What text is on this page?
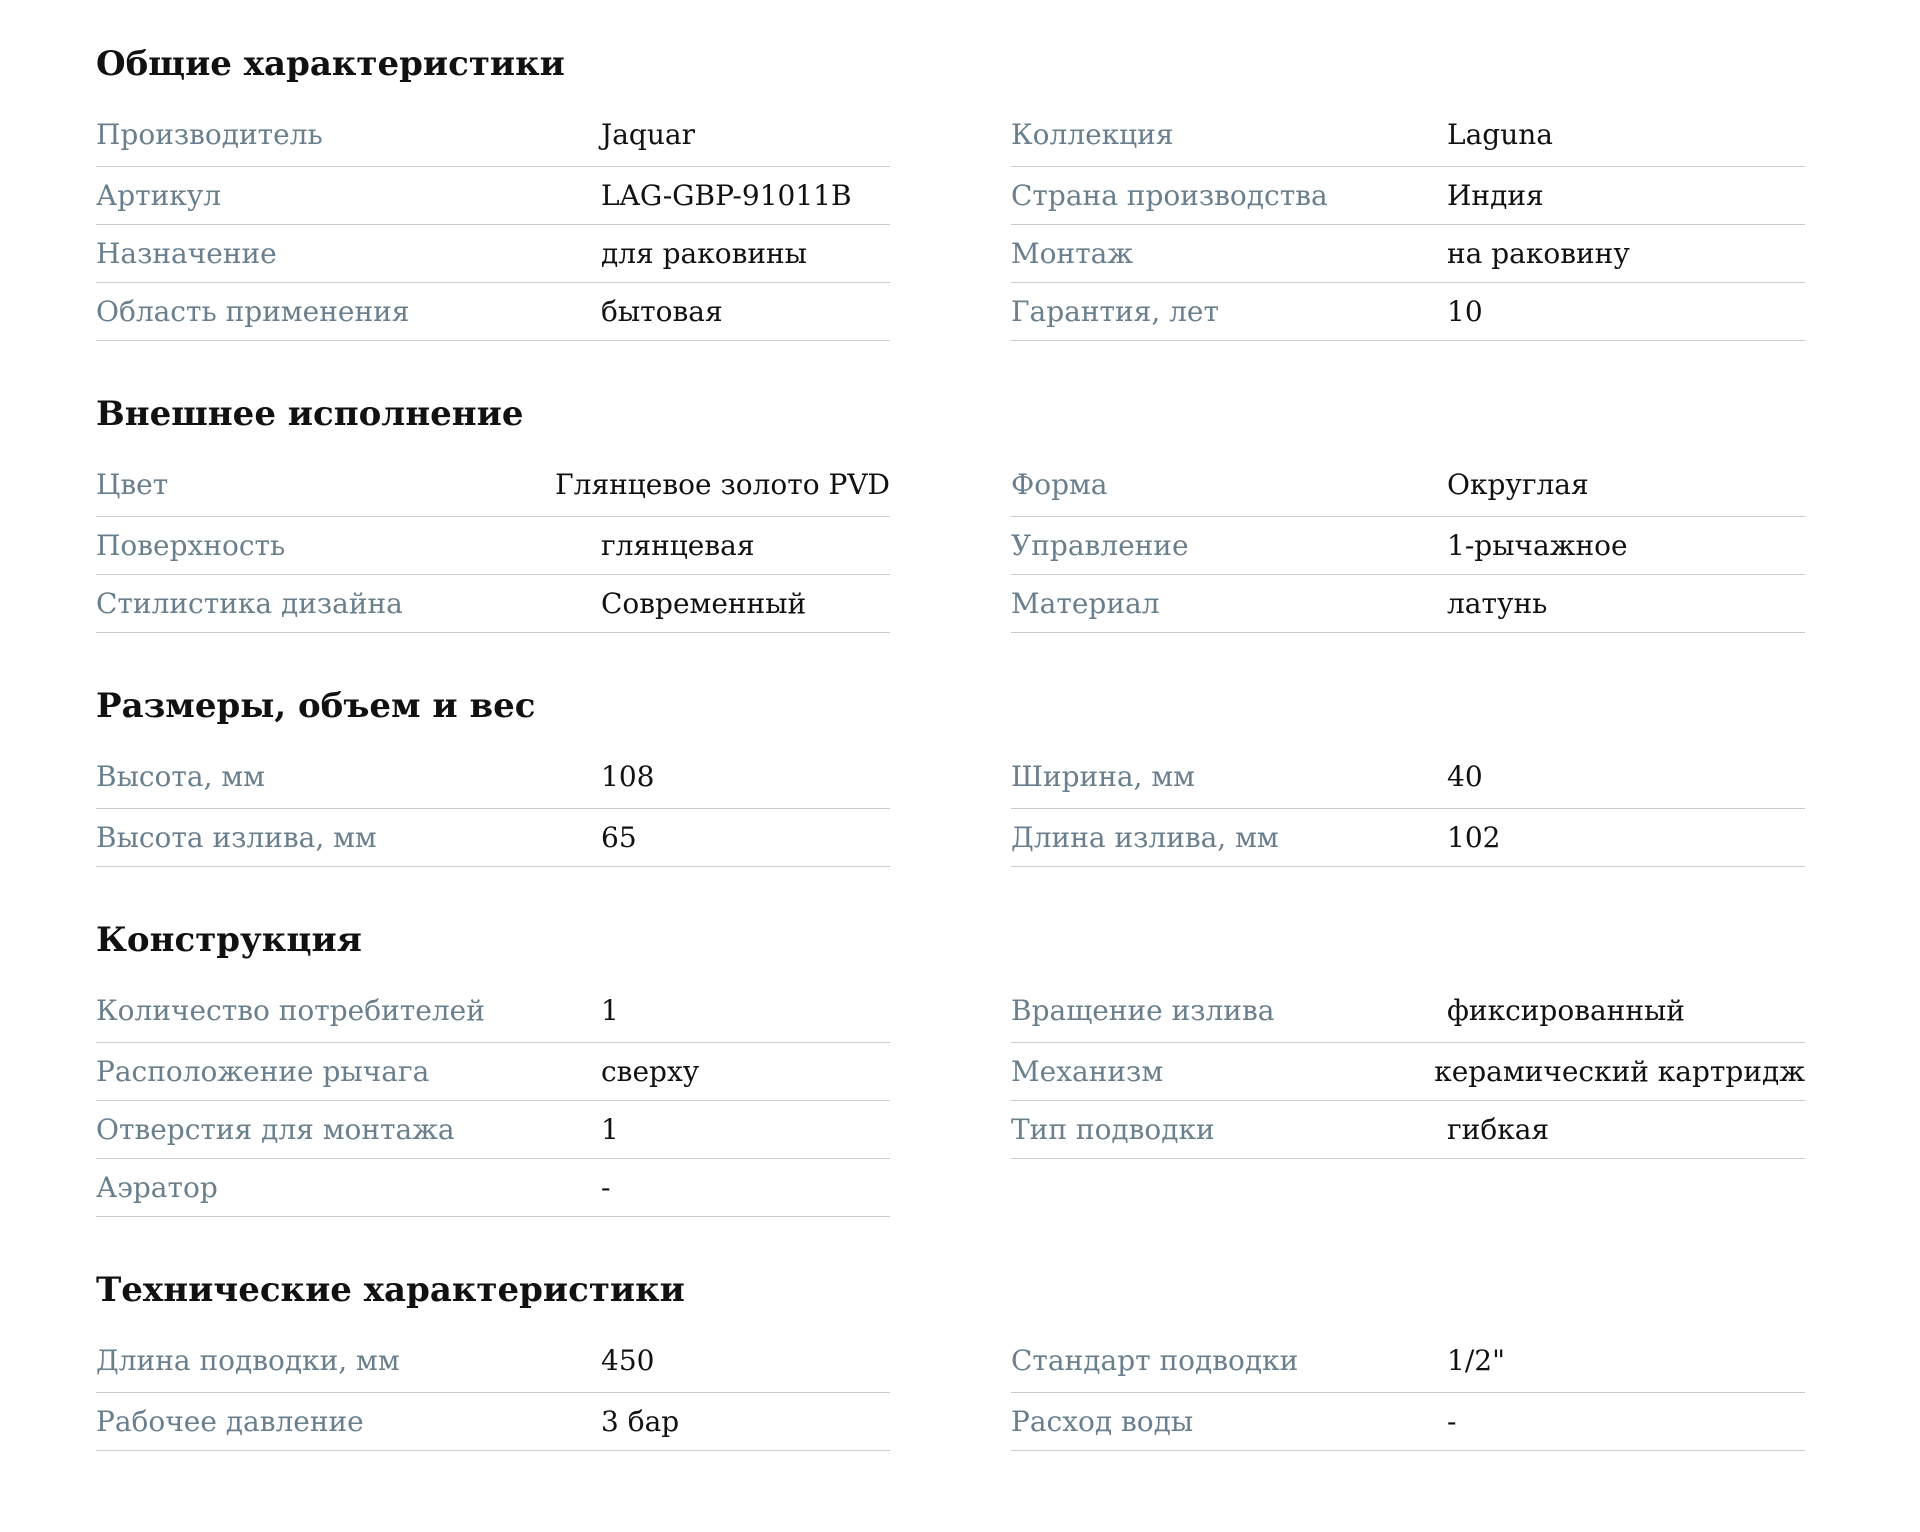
Общие характеристики
Производитель	Jaquar
Артикул	LAG-GBP-91011B
Назначение	для раковины
Область применения	бытовая
Коллекция	Laguna
Страна производства	Индия
Монтаж	на раковину
Гарантия, лет	10
Внешнее исполнение
Цвет	Глянцевое золото PVD
Поверхность	глянцевая
Стилистика дизайна	Современный
Форма	Округлая
Управление	1-рычажное
Материал	латунь
Размеры, объем и вес
Высота, мм	108
Высота излива, мм	65
Ширина, мм	40
Длина излива, мм	102
Конструкция
Количество потребителей	1
Расположение рычага	сверху
Отверстия для монтажа	1
Аэратор	-
Вращение излива	фиксированный
Механизм	керамический картридж
Тип подводки	гибкая
Технические характеристики
Длина подводки, мм	450
Рабочее давление	3 бар
Стандарт подводки	1/2"
Расход воды	-
